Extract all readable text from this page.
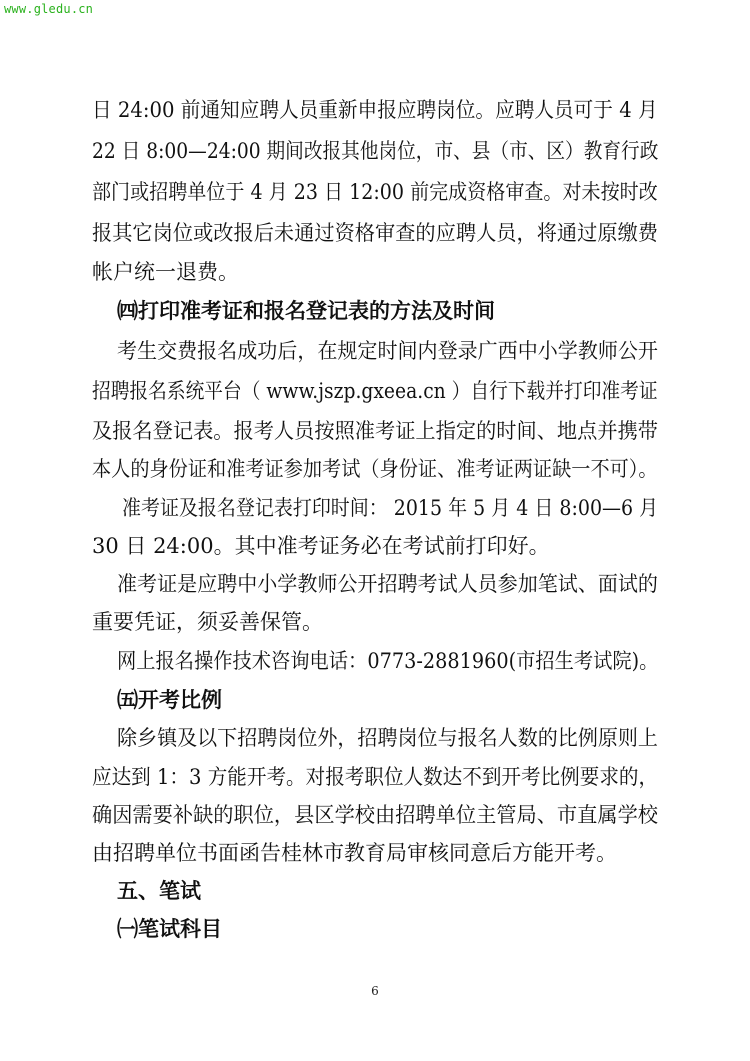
www.gledu.cn
日 24:00 前通知应聘人员重新申报应聘岗位。应聘人员可于 4 月
22 日 8:00—24:00 期间改报其他岗位，市、县（市、区）教育行政
部门或招聘单位于 4 月 23 日 12:00 前完成资格审查。对未按时改
报其它岗位或改报后未通过资格审查的应聘人员，将通过原缴费
帐户统一退费。
㈣打印准考证和报名登记表的方法及时间
考生交费报名成功后，在规定时间内登录广西中小学教师公开
招聘报名系统平台（ www.jszp.gxeea.cn ）自行下载并打印准考证
及报名登记表。报考人员按照准考证上指定的时间、地点并携带
本人的身份证和准考证参加考试（身份证、准考证两证缺一不可）。
准考证及报名登记表打印时间： 2015 年 5 月 4 日 8:00—6 月
30 日 24:00。其中准考证务必在考试前打印好。
准考证是应聘中小学教师公开招聘考试人员参加笔试、面试的
重要凭证，须妥善保管。
网上报名操作技术咨询电话：0773-2881960(市招生考试院)。
㈤开考比例
除乡镇及以下招聘岗位外，招聘岗位与报名人数的比例原则上
应达到 1：3 方能开考。对报考职位人数达不到开考比例要求的，
确因需要补缺的职位，县区学校由招聘单位主管局、市直属学校
由招聘单位书面函告桂林市教育局审核同意后方能开考。
五、笔试
㈠笔试科目
6
